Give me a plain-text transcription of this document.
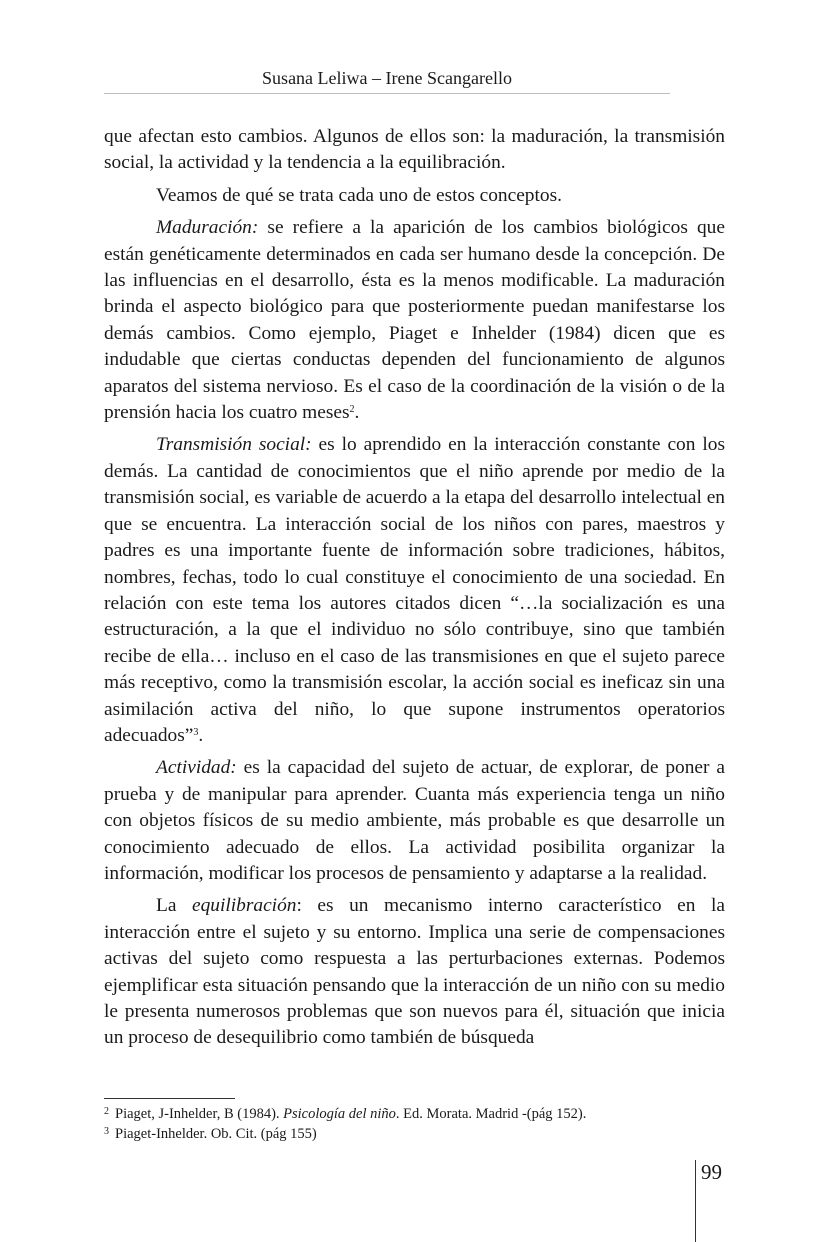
Susana Leliwa – Irene Scangarello

que afectan esto cambios. Algunos de ellos son: la maduración, la transmisión social, la actividad y la tendencia a la equilibración.

Veamos de qué se trata cada uno de estos conceptos.

Maduración: se refiere a la aparición de los cambios biológicos que están genéticamente determinados en cada ser humano desde la concepción. De las influencias en el desarrollo, ésta es la menos modificable. La maduración brinda el aspecto biológico para que posteriormente puedan manifestarse los demás cambios. Como ejemplo, Piaget e Inhelder (1984) dicen que es indudable que ciertas conductas dependen del funcionamiento de algunos aparatos del sistema nervioso. Es el caso de la coordinación de la visión o de la prensión hacia los cuatro meses$^2$.

Transmisión social: es lo aprendido en la interacción constante con los demás. La cantidad de conocimientos que el niño aprende por medio de la transmisión social, es variable de acuerdo a la etapa del desarrollo intelectual en que se encuentra. La interacción social de los niños con pares, maestros y padres es una importante fuente de información sobre tradiciones, hábitos, nombres, fechas, todo lo cual constituye el conocimiento de una sociedad. En relación con este tema los autores citados dicen “…la socialización es una estructuración, a la que el individuo no sólo contribuye, sino que también recibe de ella… incluso en el caso de las transmisiones en que el sujeto parece más receptivo, como la transmisión escolar, la acción social es ineficaz sin una asimilación activa del niño, lo que supone instrumentos operatorios adecuados”$^3$.

Actividad: es la capacidad del sujeto de actuar, de explorar, de poner a prueba y de manipular para aprender. Cuanta más experiencia tenga un niño con objetos físicos de su medio ambiente, más probable es que desarrolle un conocimiento adecuado de ellos. La actividad posibilita organizar la información, modificar los procesos de pensamiento y adaptarse a la realidad.

La equilibración: es un mecanismo interno característico en la interacción entre el sujeto y su entorno. Implica una serie de compensaciones activas del sujeto como respuesta a las perturbaciones externas. Podemos ejemplificar esta situación pensando que la interacción de un niño con su medio le presenta numerosos problemas que son nuevos para él, situación que inicia un proceso de desequilibrio como también de búsqueda

$^2$ Piaget, J-Inhelder, B (1984). Psicología del niño. Ed. Morata. Madrid -(pág 152).
$^3$ Piaget-Inhelder. Ob. Cit. (pág 155)
99
